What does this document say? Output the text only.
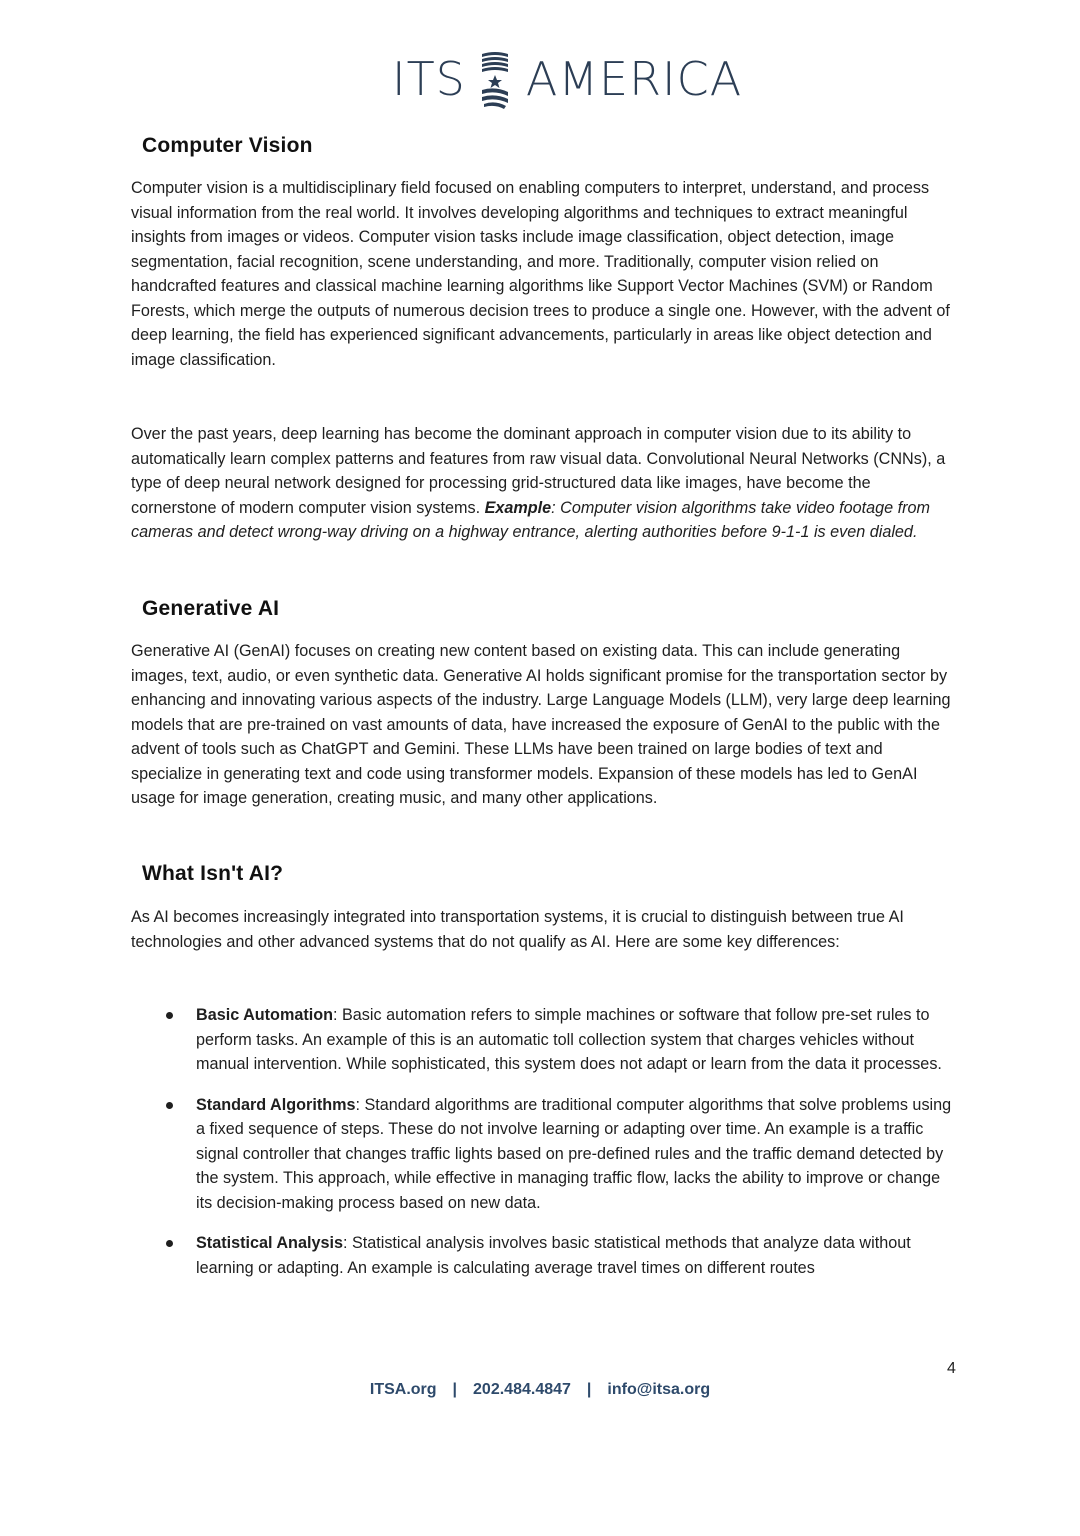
ITS AMERICA
Computer Vision

Computer vision is a multidisciplinary field focused on enabling computers to interpret, understand, and process visual information from the real world. It involves developing algorithms and techniques to extract meaningful insights from images or videos. Computer vision tasks include image classification, object detection, image segmentation, facial recognition, scene understanding, and more. Traditionally, computer vision relied on handcrafted features and classical machine learning algorithms like Support Vector Machines (SVM) or Random Forests, which merge the outputs of numerous decision trees to produce a single one. However, with the advent of deep learning, the field has experienced significant advancements, particularly in areas like object detection and image classification.

Over the past years, deep learning has become the dominant approach in computer vision due to its ability to automatically learn complex patterns and features from raw visual data. Convolutional Neural Networks (CNNs), a type of deep neural network designed for processing grid-structured data like images, have become the cornerstone of modern computer vision systems. Example: Computer vision algorithms take video footage from cameras and detect wrong-way driving on a highway entrance, alerting authorities before 9-1-1 is even dialed.

Generative AI

Generative AI (GenAI) focuses on creating new content based on existing data. This can include generating images, text, audio, or even synthetic data. Generative AI holds significant promise for the transportation sector by enhancing and innovating various aspects of the industry. Large Language Models (LLM), very large deep learning models that are pre-trained on vast amounts of data, have increased the exposure of GenAI to the public with the advent of tools such as ChatGPT and Gemini. These LLMs have been trained on large bodies of text and specialize in generating text and code using transformer models. Expansion of these models has led to GenAI usage for image generation, creating music, and many other applications.

What Isn't AI?

As AI becomes increasingly integrated into transportation systems, it is crucial to distinguish between true AI technologies and other advanced systems that do not qualify as AI. Here are some key differences:

Basic Automation: Basic automation refers to simple machines or software that follow pre-set rules to perform tasks. An example of this is an automatic toll collection system that charges vehicles without manual intervention. While sophisticated, this system does not adapt or learn from the data it processes.
Standard Algorithms: Standard algorithms are traditional computer algorithms that solve problems using a fixed sequence of steps. These do not involve learning or adapting over time. An example is a traffic signal controller that changes traffic lights based on pre-defined rules and the traffic demand detected by the system. This approach, while effective in managing traffic flow, lacks the ability to improve or change its decision-making process based on new data.
Statistical Analysis: Statistical analysis involves basic statistical methods that analyze data without learning or adapting. An example is calculating average travel times on different routes
4
ITSA.org | 202.484.4847 | info@itsa.org
